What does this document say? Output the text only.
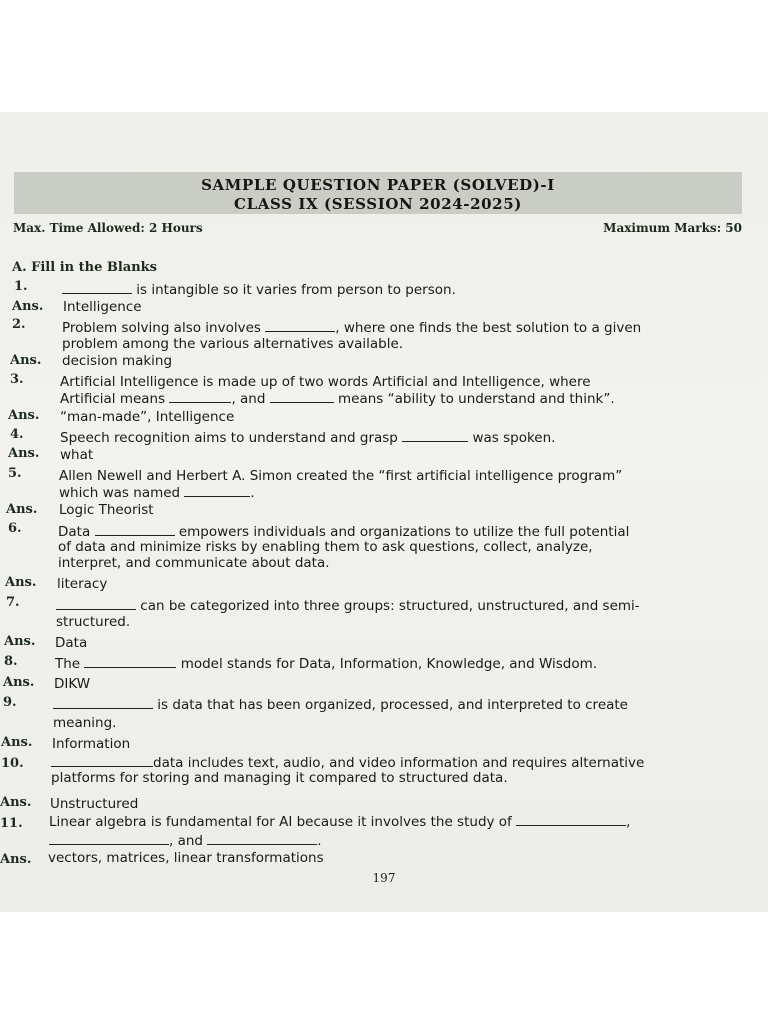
SAMPLE QUESTION PAPER (SOLVED)-I
CLASS IX (SESSION 2024-2025)
Max. Time Allowed: 2 Hours	Maximum Marks: 50
A. Fill in the Blanks
1.	is intangible so it varies from person to person.
Ans. Intelligence
2.	Problem solving also involves	, where one finds the best solution to a given
problem among the various alternatives available.
Ans. decision making
3.	Artificial Intelligence is made up of two words Artificial and Intelligence, where
Artificial means	, and	means “ability to understand and think”.
Ans. “man-made”, Intelligence
4.	Speech recognition aims to understand and grasp	was spoken.
Ans. what
5.	Allen Newell and Herbert A. Simon created the “first artificial intelligence program”
which was named	.
Ans. Logic Theorist
6.	Data	empowers individuals and organizations to utilize the full potential
of data and minimize risks by enabling them to ask questions, collect, analyze,
interpret, and communicate about data.
Ans. literacy
7.	can be categorized into three groups: structured, unstructured, and semi-
structured.
Ans. Data
8.	The	model stands for Data, Information, Knowledge, and Wisdom.
Ans. DIKW
9.	is data that has been organized, processed, and interpreted to create
meaning.
Ans. Information
10.	data includes text, audio, and video information and requires alternative
platforms for storing and managing it compared to structured data.
Ans. Unstructured
11. Linear algebra is fundamental for AI because it involves the study of	,
, and	.
Ans. vectors, matrices, linear transformations
197
